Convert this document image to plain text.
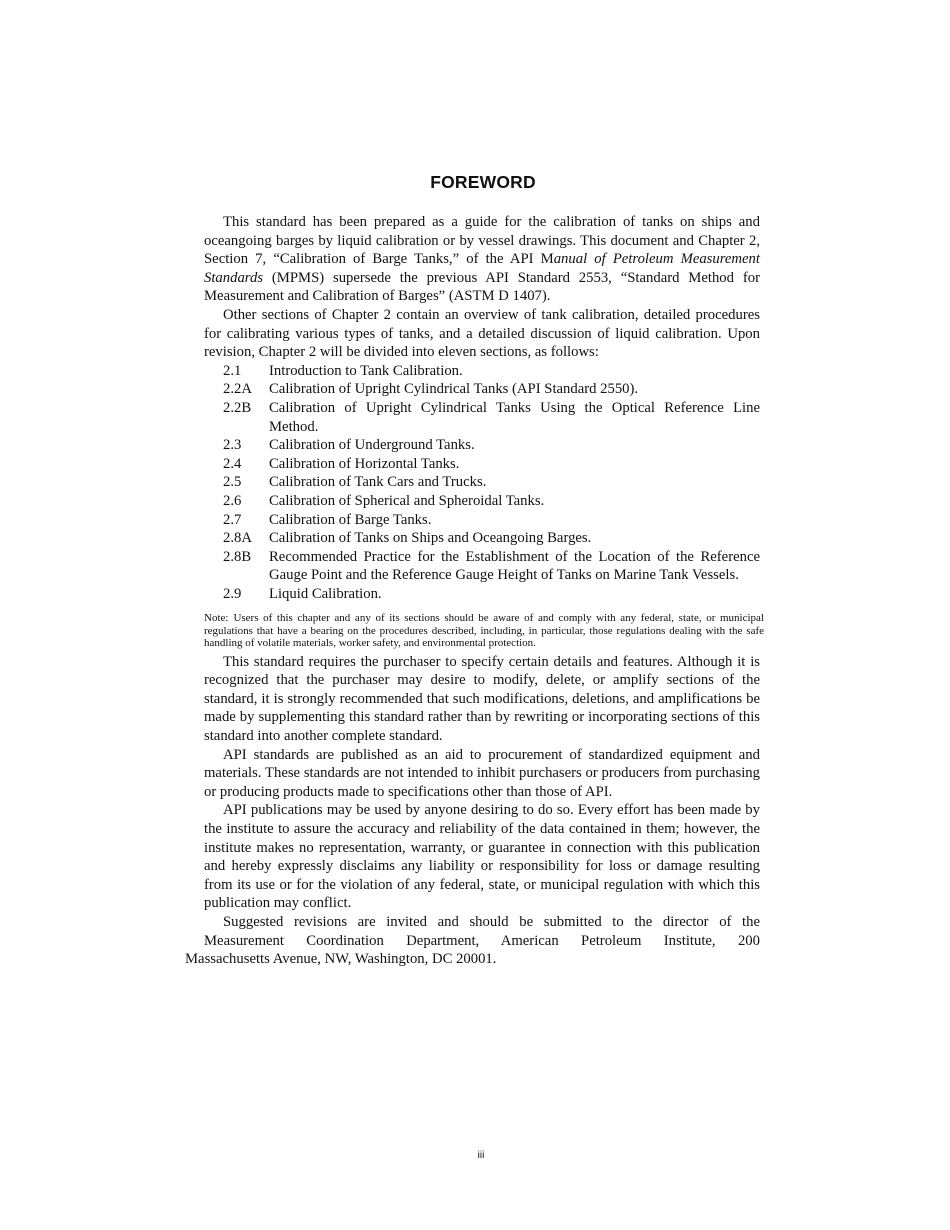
FOREWORD

This standard has been prepared as a guide for the calibration of tanks on ships and oceangoing barges by liquid calibration or by vessel drawings. This document and Chapter 2, Section 7, “Calibration of Barge Tanks,” of the API Manual of Petroleum Measurement Standards (MPMS) supersede the previous API Standard 2553, “Standard Method for Measurement and Calibration of Barges” (ASTM D 1407).

Other sections of Chapter 2 contain an overview of tank calibration, detailed procedures for calibrating various types of tanks, and a detailed discussion of liquid calibration. Upon revision, Chapter 2 will be divided into eleven sections, as follows:

2.1 Introduction to Tank Calibration.
2.2A Calibration of Upright Cylindrical Tanks (API Standard 2550).
2.2B Calibration of Upright Cylindrical Tanks Using the Optical Reference Line Method.
2.3 Calibration of Underground Tanks.
2.4 Calibration of Horizontal Tanks.
2.5 Calibration of Tank Cars and Trucks.
2.6 Calibration of Spherical and Spheroidal Tanks.
2.7 Calibration of Barge Tanks.
2.8A Calibration of Tanks on Ships and Oceangoing Barges.
2.8B Recommended Practice for the Establishment of the Location of the Reference Gauge Point and the Reference Gauge Height of Tanks on Marine Tank Vessels.
2.9 Liquid Calibration.
Note: Users of this chapter and any of its sections should be aware of and comply with any federal, state, or municipal regulations that have a bearing on the procedures described, including, in particular, those regulations dealing with the safe handling of volatile materials, worker safety, and environmental protection.

This standard requires the purchaser to specify certain details and features. Although it is recognized that the purchaser may desire to modify, delete, or amplify sections of the standard, it is strongly recommended that such modifications, deletions, and amplifications be made by supplementing this standard rather than by rewriting or incorporating sections of this standard into another complete standard.

API standards are published as an aid to procurement of standardized equipment and materials. These standards are not intended to inhibit purchasers or producers from purchasing or producing products made to specifications other than those of API.

API publications may be used by anyone desiring to do so. Every effort has been made by the institute to assure the accuracy and reliability of the data contained in them; however, the institute makes no representation, warranty, or guarantee in connection with this publication and hereby expressly disclaims any liability or responsibility for loss or damage resulting from its use or for the violation of any federal, state, or municipal regulation with which this publication may conflict.

Suggested revisions are invited and should be submitted to the director of the Measurement Coordination Department, American Petroleum Institute, 200
Massachusetts Avenue, NW, Washington, DC 20001.

iii
